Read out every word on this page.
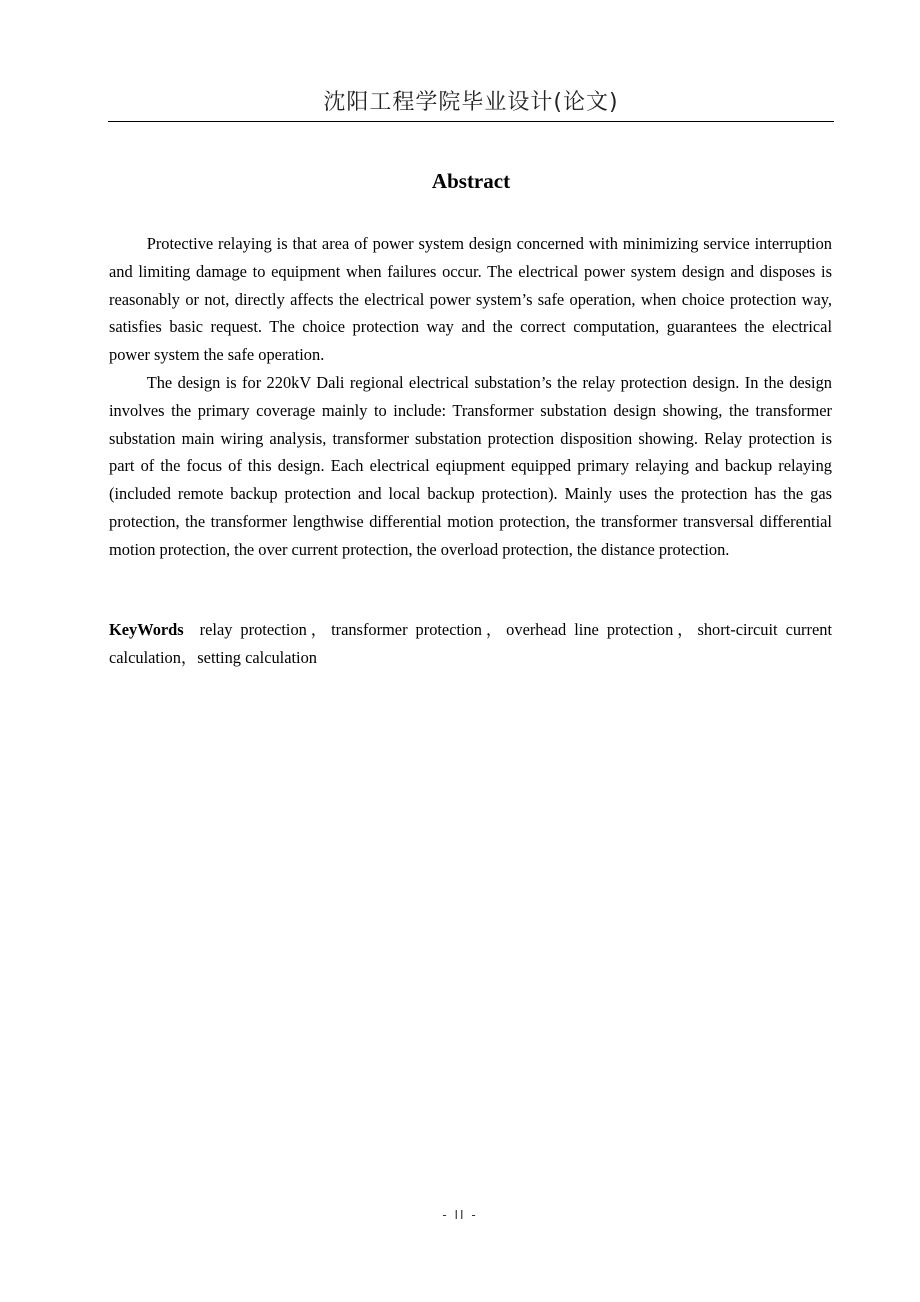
沈阳工程学院毕业设计(论文)
Abstract

Protective relaying is that area of power system design concerned with minimizing service interruption and limiting damage to equipment when failures occur. The electrical power system design and disposes is reasonably or not, directly affects the electrical power system’s safe operation, when choice protection way, satisfies basic request. The choice protection way and the correct computation, guarantees the electrical power system the safe operation.

The design is for 220kV Dali regional electrical substation’s the relay protection design. In the design involves the primary coverage mainly to include: Transformer substation design showing, the transformer substation main wiring analysis, transformer substation protection disposition showing. Relay protection is part of the focus of this design. Each electrical eqiupment equipped primary relaying and backup relaying (included remote backup protection and local backup protection). Mainly uses the protection has the gas protection, the transformer lengthwise differential motion protection, the transformer transversal differential motion protection, the over current protection, the overload protection, the distance protection.

KeyWords relay protection，transformer protection，overhead line protection，short-circuit current calculation，setting calculation
- II -
